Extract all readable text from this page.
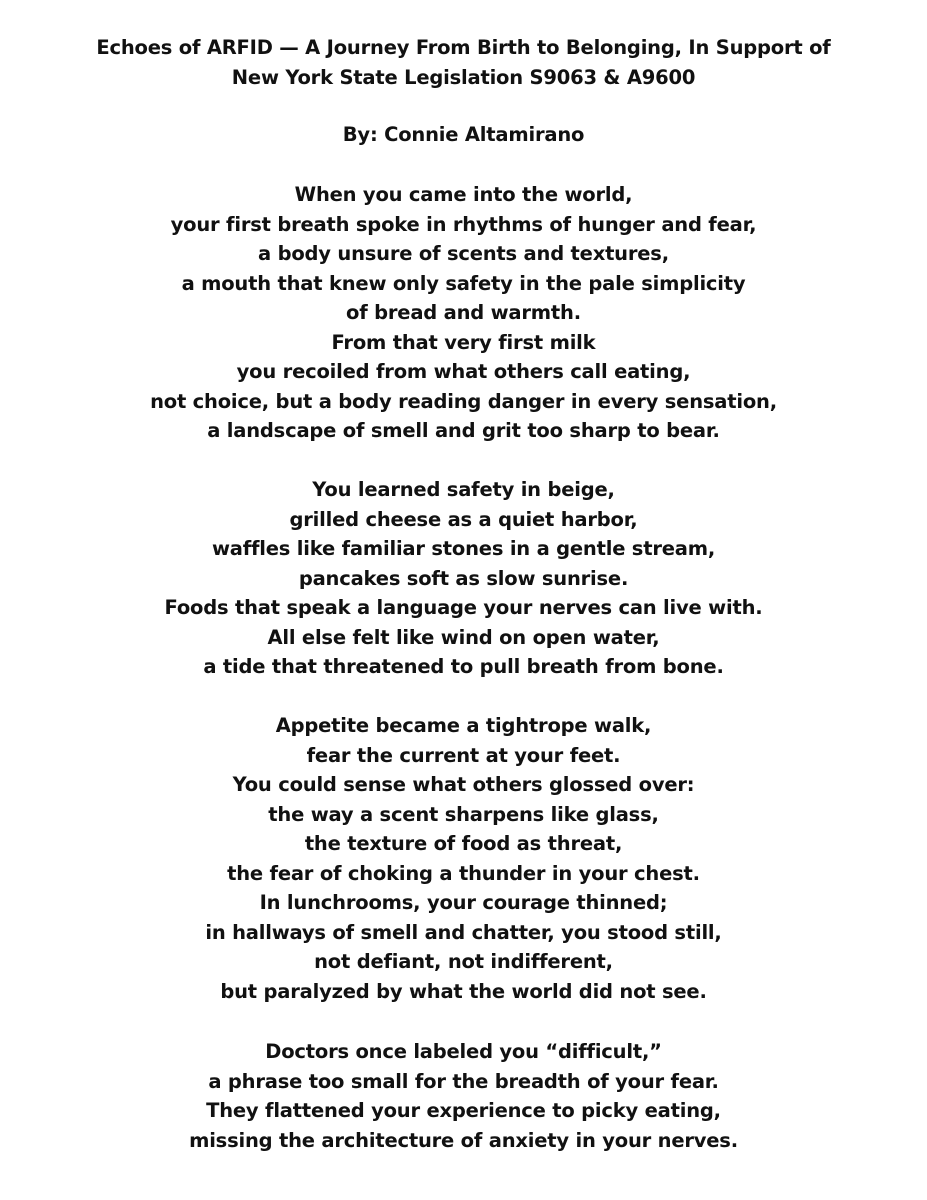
Echoes of ARFID — A Journey From Birth to Belonging, In Support of
New York State Legislation S9063 & A9600
By: Connie Altamirano
When you came into the world,
your first breath spoke in rhythms of hunger and fear,
a body unsure of scents and textures,
a mouth that knew only safety in the pale simplicity
of bread and warmth.
From that very first milk
you recoiled from what others call eating,
not choice, but a body reading danger in every sensation,
a landscape of smell and grit too sharp to bear.
You learned safety in beige,
grilled cheese as a quiet harbor,
waffles like familiar stones in a gentle stream,
pancakes soft as slow sunrise.
Foods that speak a language your nerves can live with.
All else felt like wind on open water,
a tide that threatened to pull breath from bone.
Appetite became a tightrope walk,
fear the current at your feet.
You could sense what others glossed over:
the way a scent sharpens like glass,
the texture of food as threat,
the fear of choking a thunder in your chest.
In lunchrooms, your courage thinned;
in hallways of smell and chatter, you stood still,
not defiant, not indifferent,
but paralyzed by what the world did not see.
Doctors once labeled you “difficult,”
a phrase too small for the breadth of your fear.
They flattened your experience to picky eating,
missing the architecture of anxiety in your nerves.
